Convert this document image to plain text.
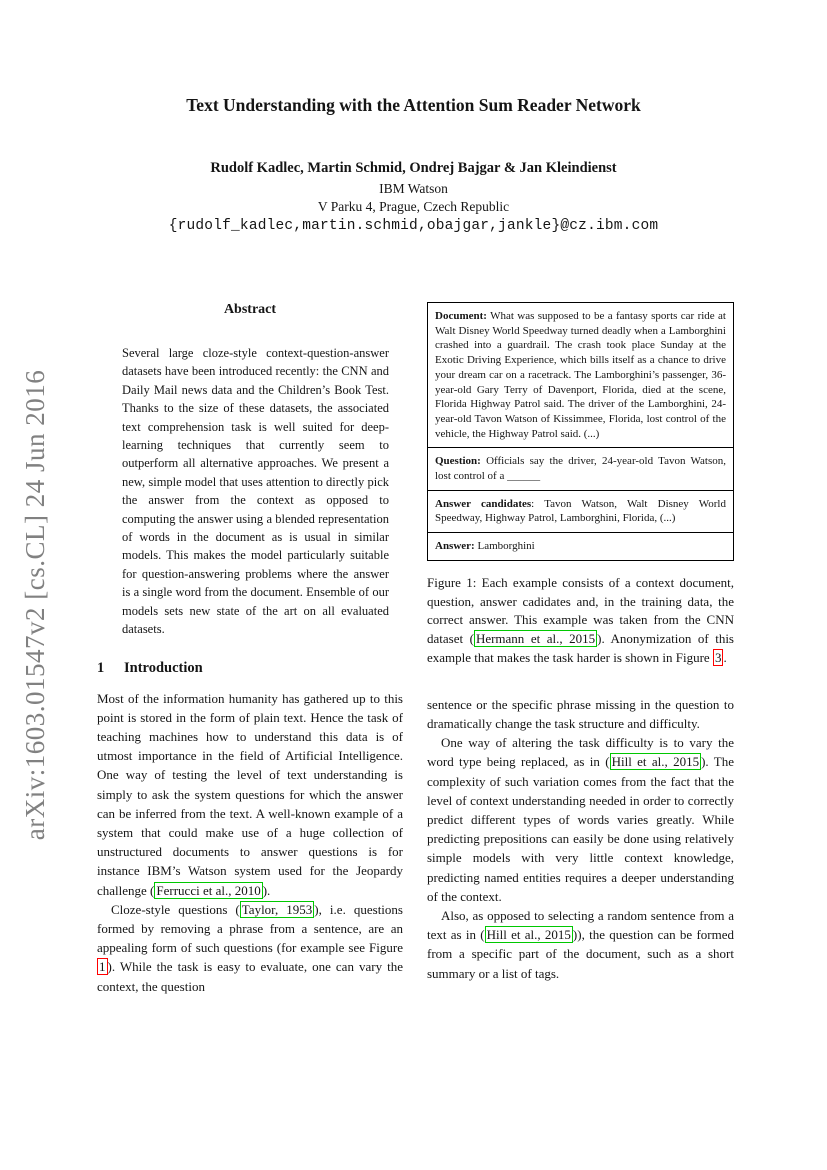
arXiv:1603.01547v2 [cs.CL] 24 Jun 2016
Text Understanding with the Attention Sum Reader Network
Rudolf Kadlec, Martin Schmid, Ondrej Bajgar & Jan Kleindienst
IBM Watson
V Parku 4, Prague, Czech Republic
{rudolf_kadlec,martin.schmid,obajgar,jankle}@cz.ibm.com
Abstract

Several large cloze-style context-question-answer datasets have been introduced recently: the CNN and Daily Mail news data and the Children’s Book Test. Thanks to the size of these datasets, the associated text comprehension task is well suited for deep-learning techniques that currently seem to outperform all alternative approaches. We present a new, simple model that uses attention to directly pick the answer from the context as opposed to computing the answer using a blended representation of words in the document as is usual in similar models. This makes the model particularly suitable for question-answering problems where the answer is a single word from the document. Ensemble of our models sets new state of the art on all evaluated datasets.

1 Introduction

Most of the information humanity has gathered up to this point is stored in the form of plain text. Hence the task of teaching machines how to understand this data is of utmost importance in the field of Artificial Intelligence. One way of testing the level of text understanding is simply to ask the system questions for which the answer can be inferred from the text. A well-known example of a system that could make use of a huge collection of unstructured documents to answer questions is for instance IBM’s Watson system used for the Jeopardy challenge ( Ferrucci et al., 2010 ).

Cloze-style questions ( Taylor, 1953 ), i.e. questions formed by removing a phrase from a sentence, are an appealing form of such questions (for example see Figure 1 ). While the task is easy to evaluate, one can vary the context, the question

Document: What was supposed to be a fantasy sports car ride at Walt Disney World Speedway turned deadly when a Lamborghini crashed into a guardrail. The crash took place Sunday at the Exotic Driving Experience, which bills itself as a chance to drive your dream car on a racetrack. The Lamborghini’s passenger, 36-year-old Gary Terry of Davenport, Florida, died at the scene, Florida Highway Patrol said. The driver of the Lamborghini, 24-year-old Tavon Watson of Kissimmee, Florida, lost control of the vehicle, the Highway Patrol said. (...)

Question: Officials say the driver, 24-year-old Tavon Watson, lost control of a ______

Answer candidates: Tavon Watson, Walt Disney World Speedway, Highway Patrol, Lamborghini, Florida, (...)

Answer: Lamborghini

Figure 1: Each example consists of a context document, question, answer cadidates and, in the training data, the correct answer. This example was taken from the CNN dataset ( Hermann et al., 2015 ). Anonymization of this example that makes the task harder is shown in Figure 3 .

sentence or the specific phrase missing in the question to dramatically change the task structure and difficulty.

One way of altering the task difficulty is to vary the word type being replaced, as in ( Hill et al., 2015 ). The complexity of such variation comes from the fact that the level of context understanding needed in order to correctly predict different types of words varies greatly. While predicting prepositions can easily be done using relatively simple models with very little context knowledge, predicting named entities requires a deeper understanding of the context.

Also, as opposed to selecting a random sentence from a text as in ( Hill et al., 2015 )), the question can be formed from a specific part of the document, such as a short summary or a list of tags.
